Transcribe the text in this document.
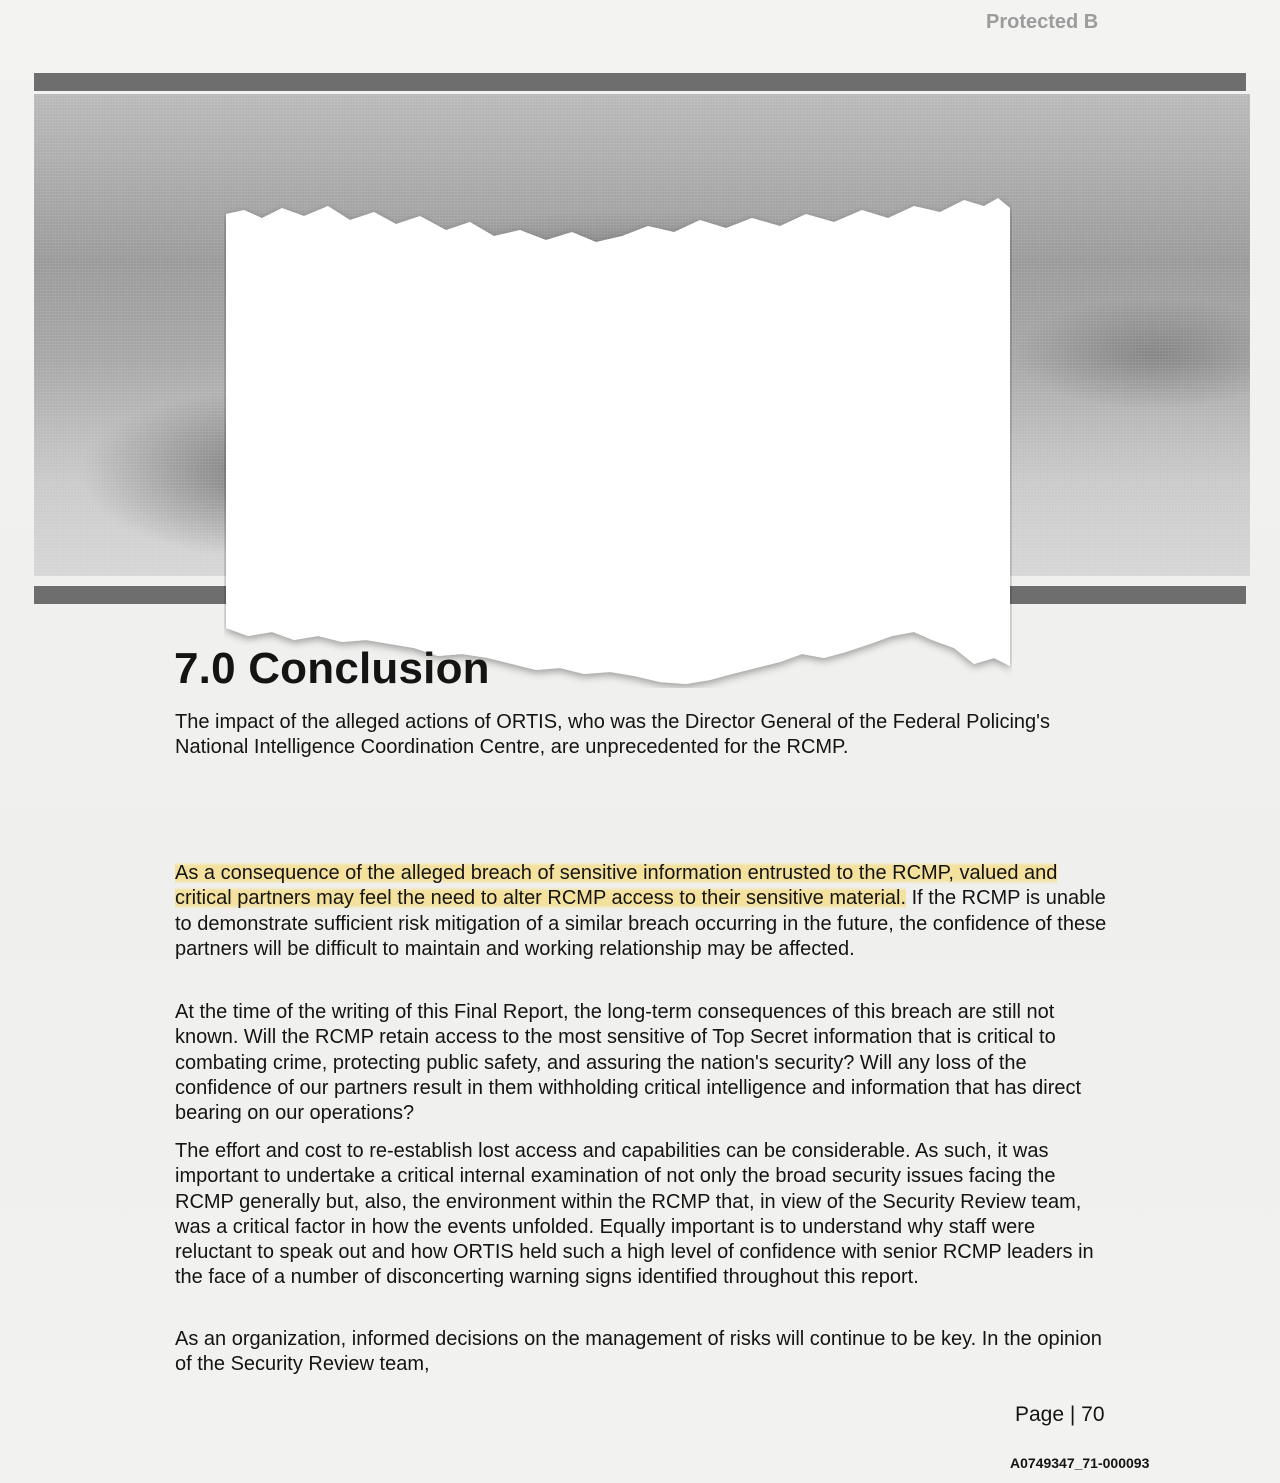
Protected B
7.0 Conclusion

The impact of the alleged actions of ORTIS, who was the Director General of the Federal Policing's National Intelligence Coordination Centre, are unprecedented for the RCMP.

As a consequence of the alleged breach of sensitive information entrusted to the RCMP, valued and critical partners may feel the need to alter RCMP access to their sensitive material. If the RCMP is unable to demonstrate sufficient risk mitigation of a similar breach occurring in the future, the confidence of these partners will be difficult to maintain and working relationship may be affected.

At the time of the writing of this Final Report, the long-term consequences of this breach are still not known. Will the RCMP retain access to the most sensitive of Top Secret information that is critical to combating crime, protecting public safety, and assuring the nation's security? Will any loss of the confidence of our partners result in them withholding critical intelligence and information that has direct bearing on our operations?

The effort and cost to re-establish lost access and capabilities can be considerable. As such, it was important to undertake a critical internal examination of not only the broad security issues facing the RCMP generally but, also, the environment within the RCMP that, in view of the Security Review team, was a critical factor in how the events unfolded. Equally important is to understand why staff were reluctant to speak out and how ORTIS held such a high level of confidence with senior RCMP leaders in the face of a number of disconcerting warning signs identified throughout this report.

As an organization, informed decisions on the management of risks will continue to be key. In the opinion of the Security Review team,

Page | 70
A0749347_71-000093
